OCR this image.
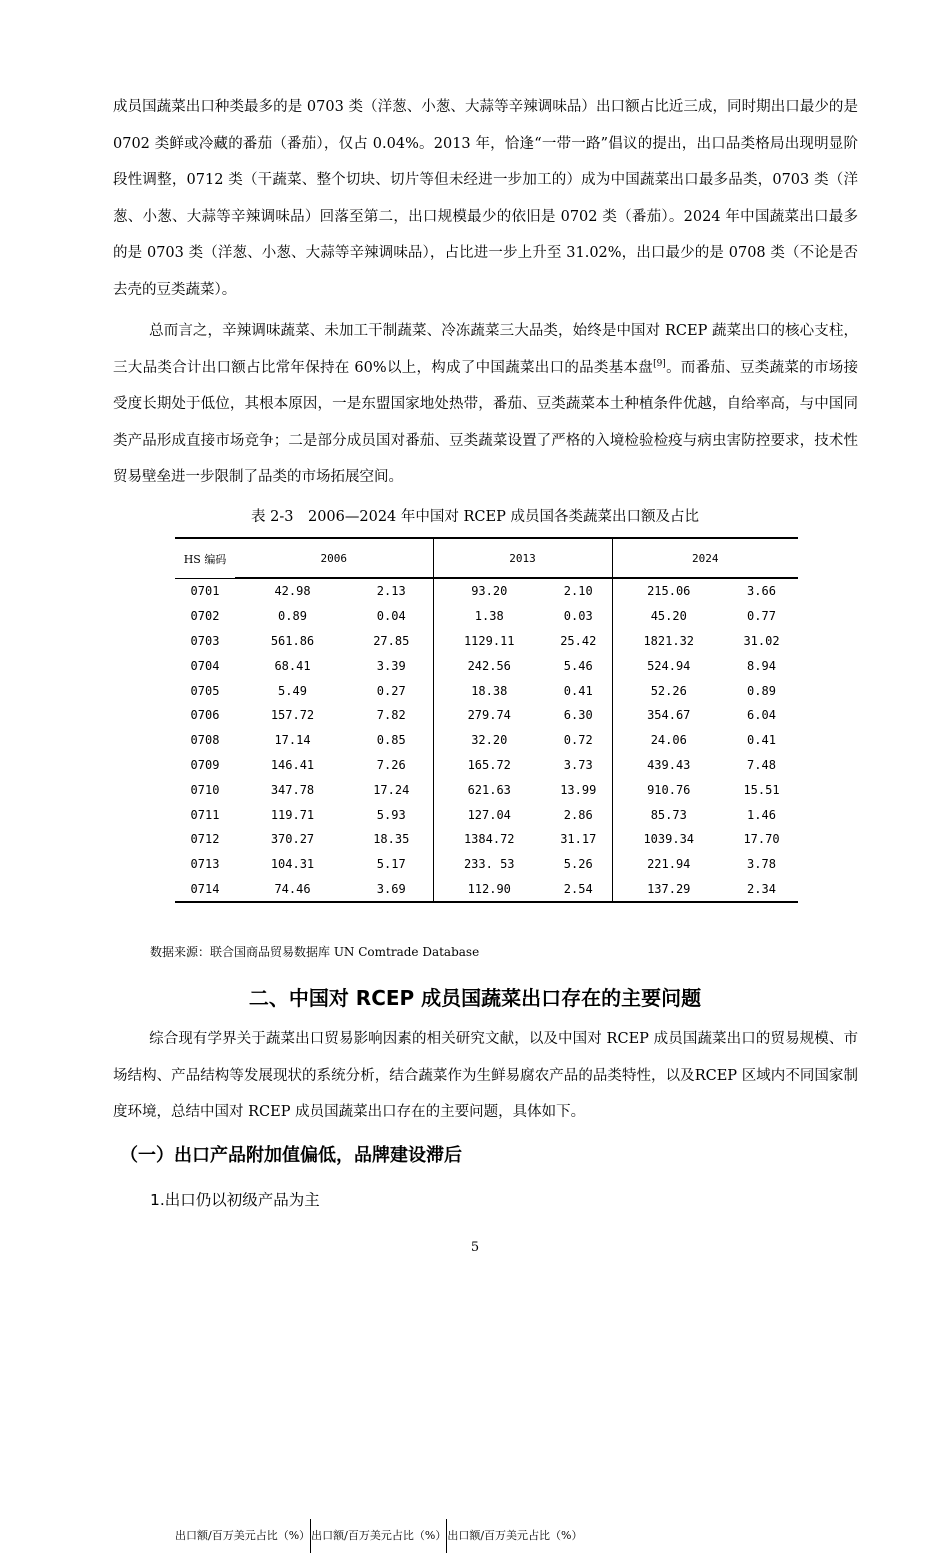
成员国蔬菜出口种类最多的是 0703 类（洋葱、小葱、大蒜等辛辣调味品）出口额占比近三成，同时期出口最少的是 0702 类鲜或冷藏的番茄（番茄），仅占 0.04%。2013 年，恰逢“一带一路”倡议的提出，出口品类格局出现明显阶段性调整，0712 类（干蔬菜、整个切块、切片等但未经进一步加工的）成为中国蔬菜出口最多品类，0703 类（洋葱、小葱、大蒜等辛辣调味品）回落至第二，出口规模最少的依旧是 0702 类（番茄）。2024 年中国蔬菜出口最多的是 0703 类（洋葱、小葱、大蒜等辛辣调味品），占比进一步上升至 31.02%，出口最少的是 0708 类（不论是否去壳的豆类蔬菜）。

总而言之，辛辣调味蔬菜、未加工干制蔬菜、冷冻蔬菜三大品类，始终是中国对 RCEP 蔬菜出口的核心支柱，三大品类合计出口额占比常年保持在 60%以上，构成了中国蔬菜出口的品类基本盘[9]。而番茄、豆类蔬菜的市场接受度长期处于低位，其根本原因，一是东盟国家地处热带，番茄、豆类蔬菜本土种植条件优越，自给率高，与中国同类产品形成直接市场竞争；二是部分成员国对番茄、豆类蔬菜设置了严格的入境检验检疫与病虫害防控要求，技术性贸易壁垒进一步限制了品类的市场拓展空间。

表 2-3　2006—2024 年中国对 RCEP 成员国各类蔬菜出口额及占比
HS 编码	2006	2013	2024

出口额/百万美元	占比（%）	出口额/百万美元	占比（%）	出口额/百万美元	占比（%）
0701	42.98	2.13	93.20	2.10	215.06	3.66
0702	0.89	0.04	1.38	0.03	45.20	0.77
0703	561.86	27.85	1129.11	25.42	1821.32	31.02
0704	68.41	3.39	242.56	5.46	524.94	8.94
0705	5.49	0.27	18.38	0.41	52.26	0.89
0706	157.72	7.82	279.74	6.30	354.67	6.04
0708	17.14	0.85	32.20	0.72	24.06	0.41
0709	146.41	7.26	165.72	3.73	439.43	7.48
0710	347.78	17.24	621.63	13.99	910.76	15.51
0711	119.71	5.93	127.04	2.86	85.73	1.46
0712	370.27	18.35	1384.72	31.17	1039.34	17.70
0713	104.31	5.17	233. 53	5.26	221.94	3.78
0714	74.46	3.69	112.90	2.54	137.29	2.34
数据来源：联合国商品贸易数据库 UN Comtrade Database
二、中国对 RCEP 成员国蔬菜出口存在的主要问题

综合现有学界关于蔬菜出口贸易影响因素的相关研究文献，以及中国对 RCEP 成员国蔬菜出口的贸易规模、市场结构、产品结构等发展现状的系统分析，结合蔬菜作为生鲜易腐农产品的品类特性，以及RCEP 区域内不同国家制度环境，总结中国对 RCEP 成员国蔬菜出口存在的主要问题，具体如下。

（一）出口产品附加值偏低，品牌建设滞后
1.出口仍以初级产品为主
5
